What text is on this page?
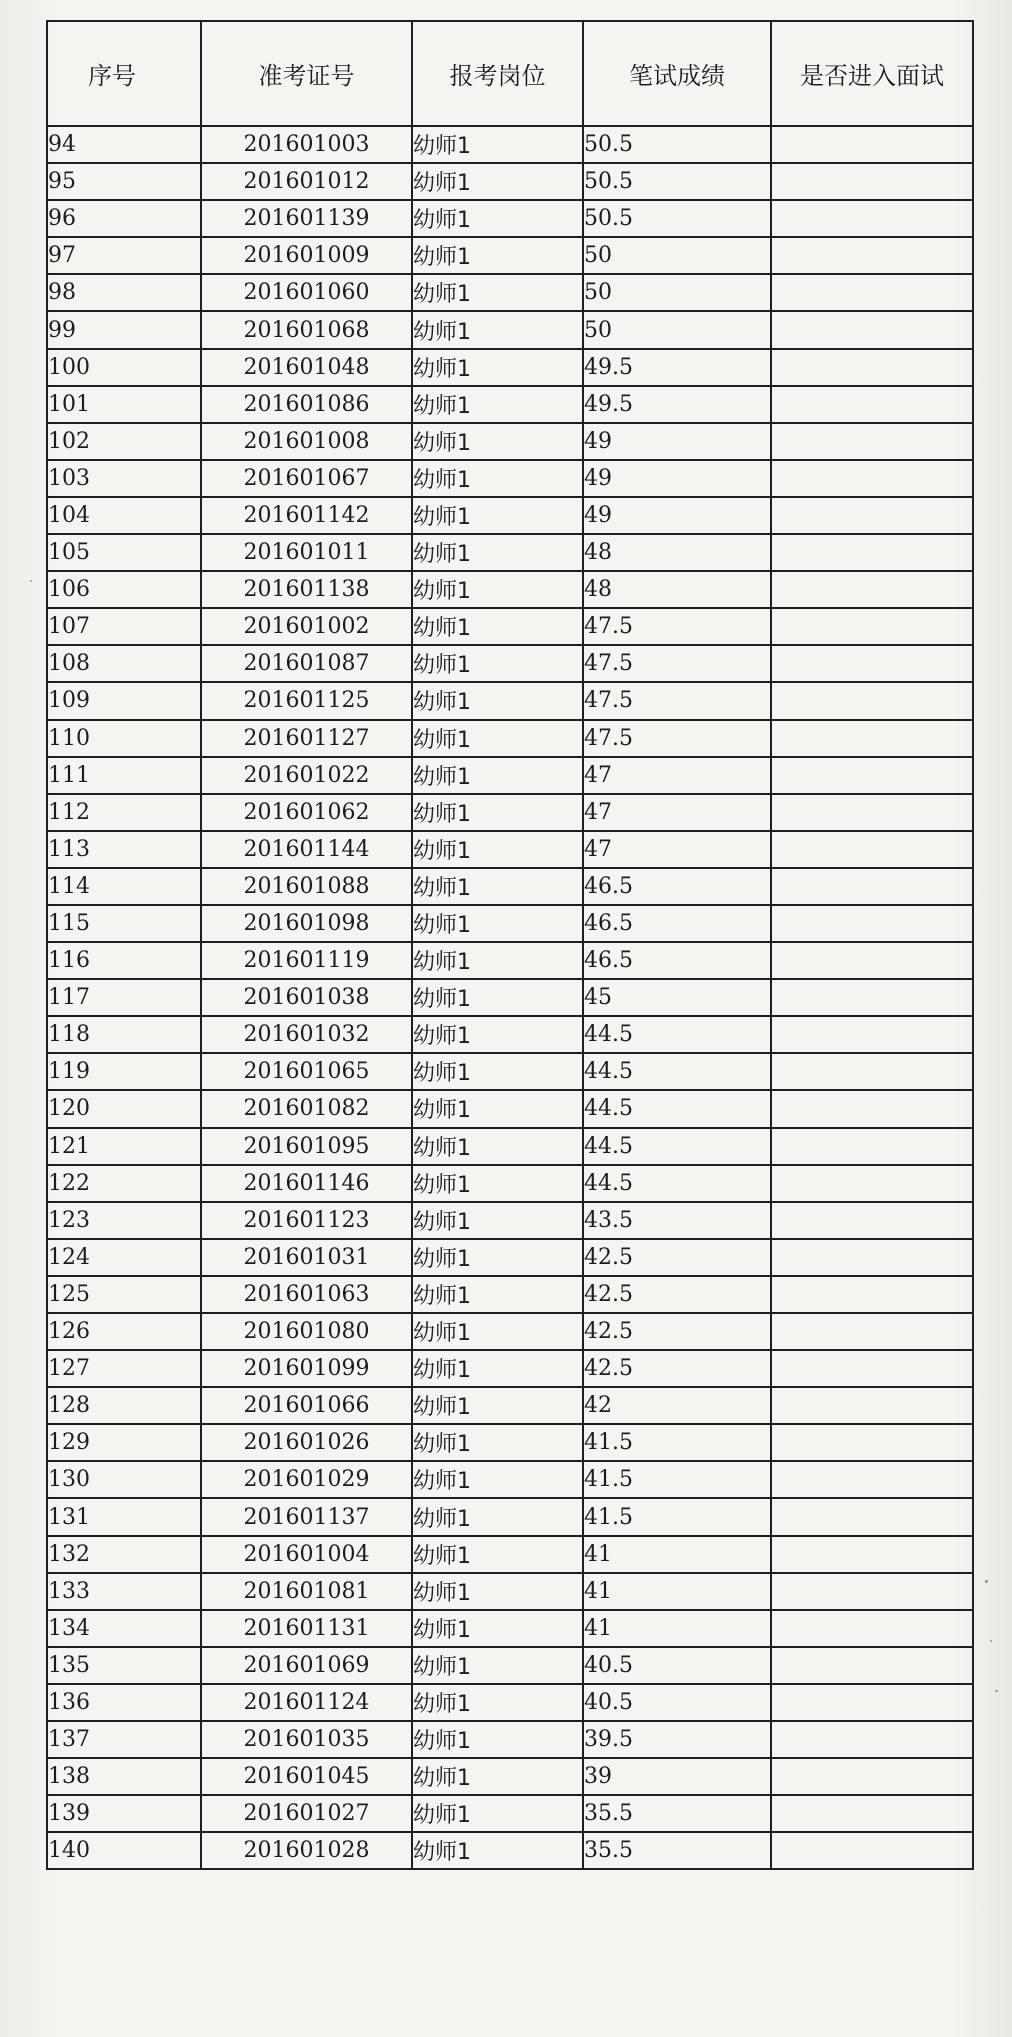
序号	准考证号	报考岗位	笔试成绩	是否进入面试
94	201601003	幼师1	50.5	
95	201601012	幼师1	50.5	
96	201601139	幼师1	50.5	
97	201601009	幼师1	50	
98	201601060	幼师1	50	
99	201601068	幼师1	50	
100	201601048	幼师1	49.5	
101	201601086	幼师1	49.5	
102	201601008	幼师1	49	
103	201601067	幼师1	49	
104	201601142	幼师1	49	
105	201601011	幼师1	48	
106	201601138	幼师1	48	
107	201601002	幼师1	47.5	
108	201601087	幼师1	47.5	
109	201601125	幼师1	47.5	
110	201601127	幼师1	47.5	
111	201601022	幼师1	47	
112	201601062	幼师1	47	
113	201601144	幼师1	47	
114	201601088	幼师1	46.5	
115	201601098	幼师1	46.5	
116	201601119	幼师1	46.5	
117	201601038	幼师1	45	
118	201601032	幼师1	44.5	
119	201601065	幼师1	44.5	
120	201601082	幼师1	44.5	
121	201601095	幼师1	44.5	
122	201601146	幼师1	44.5	
123	201601123	幼师1	43.5	
124	201601031	幼师1	42.5	
125	201601063	幼师1	42.5	
126	201601080	幼师1	42.5	
127	201601099	幼师1	42.5	
128	201601066	幼师1	42	
129	201601026	幼师1	41.5	
130	201601029	幼师1	41.5	
131	201601137	幼师1	41.5	
132	201601004	幼师1	41	
133	201601081	幼师1	41	
134	201601131	幼师1	41	
135	201601069	幼师1	40.5	
136	201601124	幼师1	40.5	
137	201601035	幼师1	39.5	
138	201601045	幼师1	39	
139	201601027	幼师1	35.5	
140	201601028	幼师1	35.5	
